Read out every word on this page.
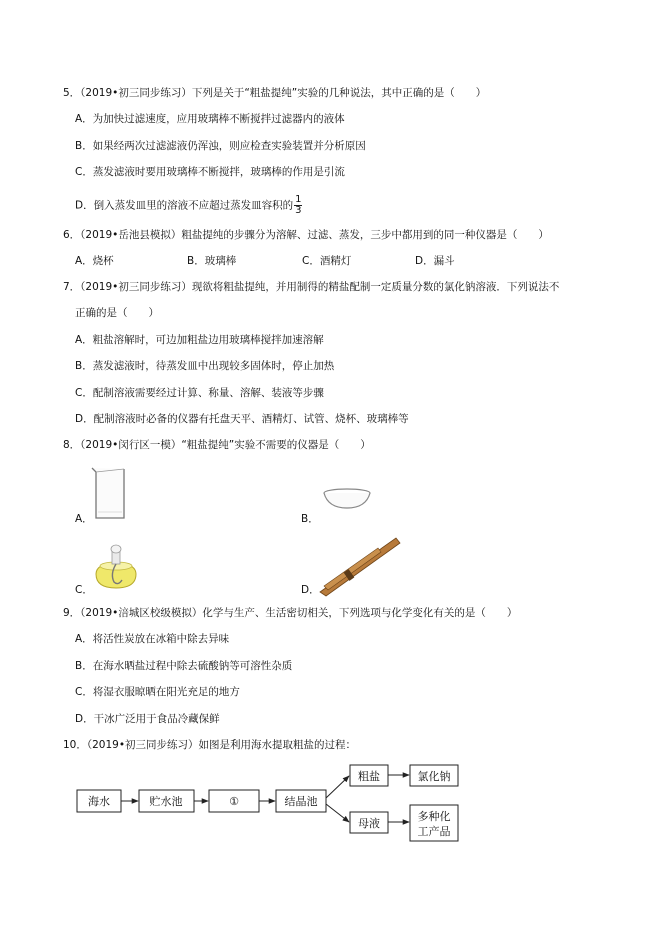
5．（2019•初三同步练习）下列是关于“粗盐提纯”实验的几种说法，其中正确的是（　　）
A．为加快过滤速度，应用玻璃棒不断搅拌过滤器内的液体
B．如果经两次过滤滤液仍浑浊，则应检查实验装置并分析原因
C．蒸发滤液时要用玻璃棒不断搅拌，玻璃棒的作用是引流
D．倒入蒸发皿里的溶液不应超过蒸发皿容积的 $\frac{1}{3}$
6．（2019•岳池县模拟）粗盐提纯的步骤分为溶解、过滤、蒸发，三步中都用到的同一种仪器是（　　）
A．烧杯	B．玻璃棒	C．酒精灯	D．漏斗
7．（2019•初三同步练习）现欲将粗盐提纯，并用制得的精盐配制一定质量分数的氯化钠溶液．下列说法不
正确的是（　　）
A．粗盐溶解时，可边加粗盐边用玻璃棒搅拌加速溶解
B．蒸发滤液时，待蒸发皿中出现较多固体时，停止加热
C．配制溶液需要经过计算、称量、溶解、装液等步骤
D．配制溶液时必备的仪器有托盘天平、酒精灯、试管、烧杯、玻璃棒等
8．（2019•闵行区一模）“粗盐提纯”实验不需要的仪器是（　　）
A．	B．
C．	D．
9．（2019•涪城区校级模拟）化学与生产、生活密切相关，下列选项与化学变化有关的是（　　）
A．将活性炭放在冰箱中除去异味
B．在海水晒盐过程中除去硫酸钠等可溶性杂质
C．将湿衣服晾晒在阳光充足的地方
D．干冰广泛用于食品冷藏保鲜
10．（2019•初三同步练习）如图是利用海水提取粗盐的过程：
海水	贮水池	①	结晶池
粗盐	氯化钠
母液
多种化
工产品
